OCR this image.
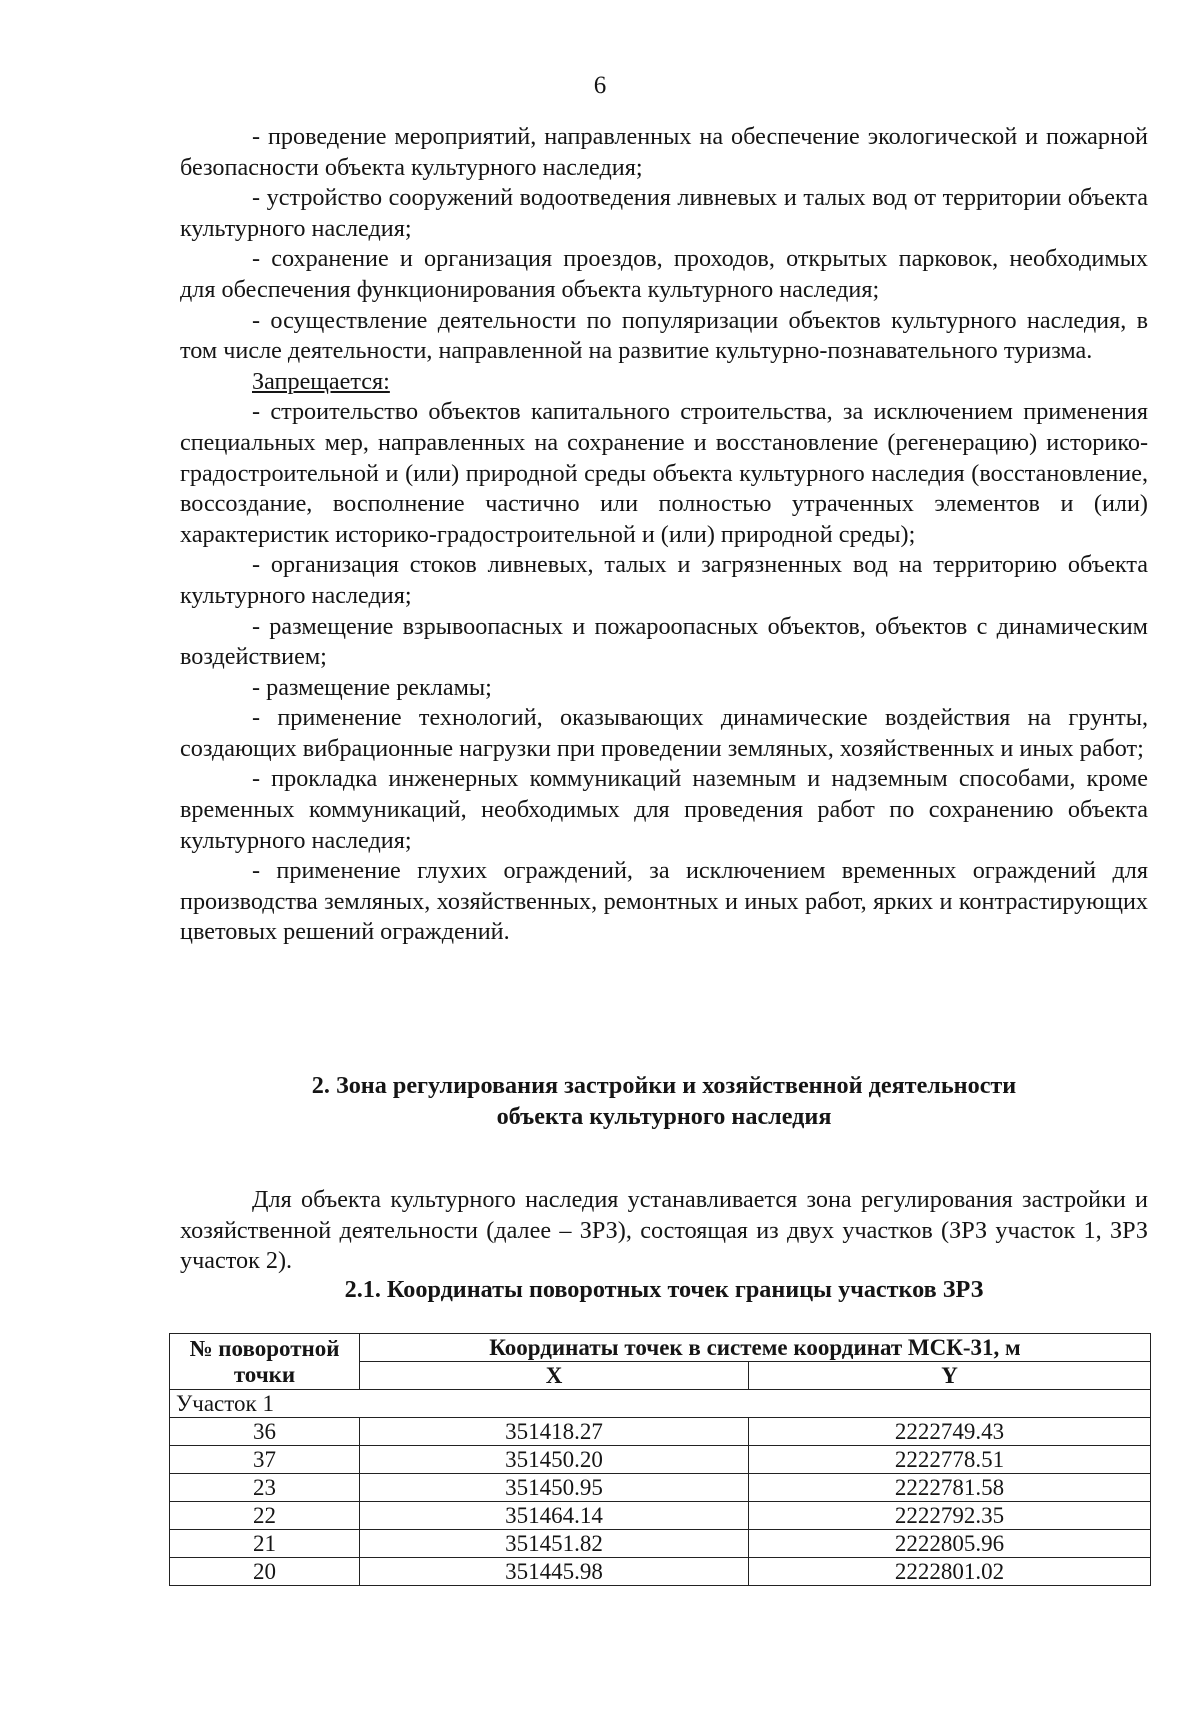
6

- проведение мероприятий, направленных на обеспечение экологической и пожарной безопасности объекта культурного наследия;

- устройство сооружений водоотведения ливневых и талых вод от территории объекта культурного наследия;

- сохранение и организация проездов, проходов, открытых парковок, необходимых для обеспечения функционирования объекта культурного наследия;

- осуществление деятельности по популяризации объектов культурного наследия, в том числе деятельности, направленной на развитие культурно-познавательного туризма.

Запрещается:

- строительство объектов капитального строительства, за исключением применения специальных мер, направленных на сохранение и восстановление (регенерацию) историко-градостроительной и (или) природной среды объекта культурного наследия (восстановление, воссоздание, восполнение частично или полностью утраченных элементов и (или) характеристик историко-градостроительной и (или) природной среды);

- организация стоков ливневых, талых и загрязненных вод на территорию объекта культурного наследия;

- размещение взрывоопасных и пожароопасных объектов, объектов с динамическим воздействием;

- размещение рекламы;

- применение технологий, оказывающих динамические воздействия на грунты, создающих вибрационные нагрузки при проведении земляных, хозяйственных и иных работ;

- прокладка инженерных коммуникаций наземным и надземным способами, кроме временных коммуникаций, необходимых для проведения работ по сохранению объекта культурного наследия;

- применение глухих ограждений, за исключением временных ограждений для производства земляных, хозяйственных, ремонтных и иных работ, ярких и контрастирующих цветовых решений ограждений.

2. Зона регулирования застройки и хозяйственной деятельности
объекта культурного наследия

Для объекта культурного наследия устанавливается зона регулирования застройки и хозяйственной деятельности (далее – ЗРЗ), состоящая из двух участков (ЗРЗ участок 1, ЗРЗ участок 2).

2.1. Координаты поворотных точек границы участков ЗРЗ
№ поворотной
точки	Координаты точек в системе координат МСК-31, м	
	X	Y
Участок 1		
36	351418.27	2222749.43
37	351450.20	2222778.51
23	351450.95	2222781.58
22	351464.14	2222792.35
21	351451.82	2222805.96
20	351445.98	2222801.02
